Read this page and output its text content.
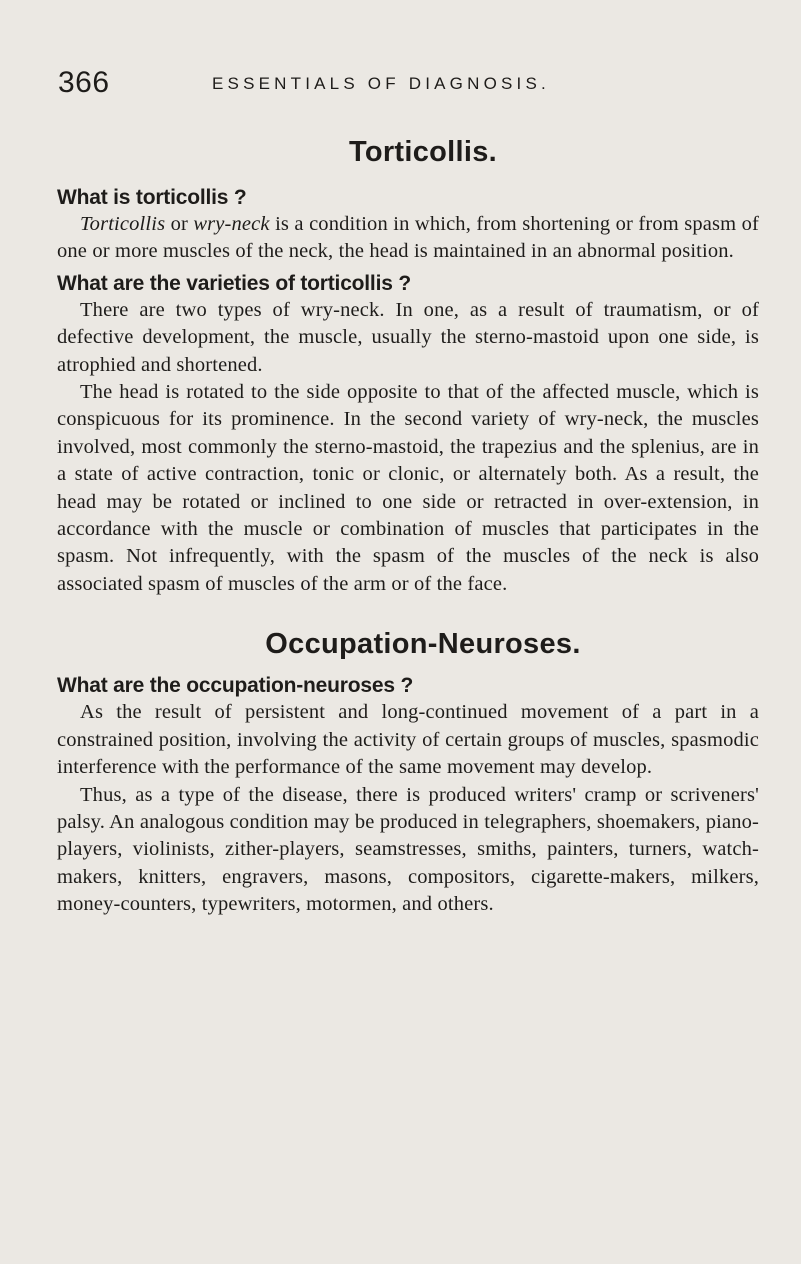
366	ESSENTIALS OF DIAGNOSIS.
Torticollis.
What is torticollis ?

Torticollis or wry-neck is a condition in which, from shortening or from spasm of one or more muscles of the neck, the head is maintained in an abnormal position.

What are the varieties of torticollis ?

There are two types of wry-neck. In one, as a result of traumatism, or of defective development, the muscle, usually the sterno-mastoid upon one side, is atrophied and shortened.

The head is rotated to the side opposite to that of the affected muscle, which is conspicuous for its prominence. In the second variety of wry-neck, the muscles involved, most commonly the sterno-mastoid, the trapezius and the splenius, are in a state of active contraction, tonic or clonic, or alternately both. As a result, the head may be rotated or inclined to one side or retracted in over-extension, in accordance with the muscle or combination of muscles that participates in the spasm. Not infrequently, with the spasm of the muscles of the neck is also associated spasm of muscles of the arm or of the face.

Occupation-Neuroses.
What are the occupation-neuroses ?

As the result of persistent and long-continued movement of a part in a constrained position, involving the activity of certain groups of muscles, spasmodic interference with the performance of the same movement may develop.

Thus, as a type of the disease, there is produced writers' cramp or scriveners' palsy. An analogous condition may be produced in telegraphers, shoemakers, piano-players, violinists, zither-players, seamstresses, smiths, painters, turners, watch-makers, knitters, engravers, masons, compositors, cigarette-makers, milkers, money-counters, typewriters, motormen, and others.
